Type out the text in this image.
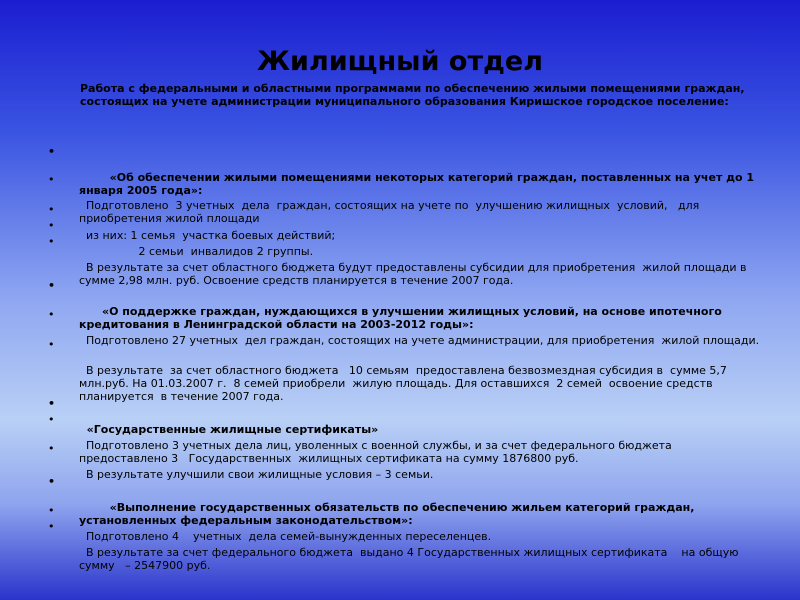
Жилищный отдел
Работа с федеральными и областными программами по обеспечению жилыми помещениями граждан, состоящих на учете администрации муниципального образования Киришское городское поселение:

•

«Об обеспечении жилыми помещениями некоторых категорий граждан, поставленных на учет до 1 января 2005 года»:

•

Подготовлено  3 учетных  дела  граждан, состоящих на учете по  улучшению жилищных  условий,   для приобретения жилой площади

•

из них: 1 семья  участка боевых действий;

•

2 семьи  инвалидов 2 группы.

•

В результате за счет областного бюджета будут предоставлены субсидии для приобретения  жилой площади в  сумме 2,98 млн. руб. Освоение средств планируется в течение 2007 года.

•

«О поддержке граждан, нуждающихся в улучшении жилищных условий, на основе ипотечного кредитования в Ленинградской области на 2003-2012 годы»:

•

Подготовлено 27 учетных  дел граждан, состоящих на учете администрации, для приобретения  жилой площади.

•

В результате  за счет областного бюджета   10 семьям  предоставлена безвозмездная субсидия в  сумме 5,7  млн.руб. На 01.03.2007 г.  8 семей приобрели  жилую площадь. Для оставшихся  2 семей  освоение средств   планируется  в течение 2007 года.

•

«Государственные жилищные сертификаты»

•

Подготовлено 3 учетных дела лиц, уволенных с военной службы, и за счет федерального бюджета предоставлено 3   Государственных  жилищных сертификата на сумму 1876800 руб.

•

В результате улучшили свои жилищные условия – 3 семьи.

•

«Выполнение государственных обязательств по обеспечению жильем категорий граждан, установленных федеральным законодательством»:

•

Подготовлено 4    учетных  дела семей-вынужденных переселенцев.

•

В результате за счет федерального бюджета  выдано 4 Государственных жилищных сертификата    на общую  сумму   – 2547900 руб.
